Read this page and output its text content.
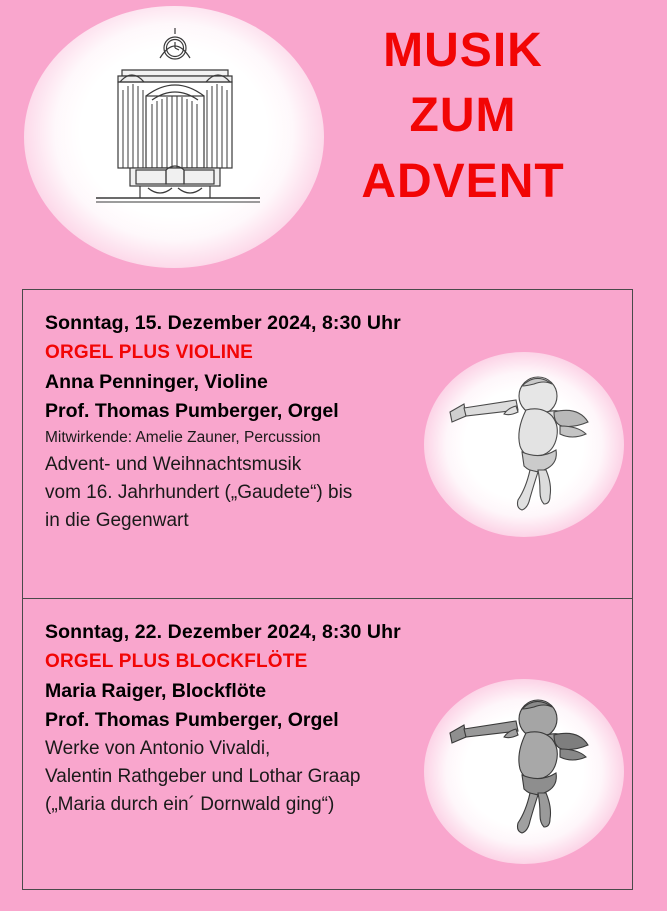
MUSIK
ZUM
ADVENT
Sonntag, 15. Dezember 2024, 8:30 Uhr
ORGEL PLUS VIOLINE
Anna Penninger, Violine
Prof. Thomas Pumberger, Orgel
Mitwirkende: Amelie Zauner, Percussion
Advent- und Weihnachtsmusik
vom 16. Jahrhundert („Gaudete“) bis
in die Gegenwart
Sonntag, 22. Dezember 2024, 8:30 Uhr
ORGEL PLUS BLOCKFLÖTE
Maria Raiger, Blockflöte
Prof. Thomas Pumberger, Orgel
Werke von Antonio Vivaldi,
Valentin Rathgeber und Lothar Graap
(„Maria durch ein´ Dornwald ging“)
